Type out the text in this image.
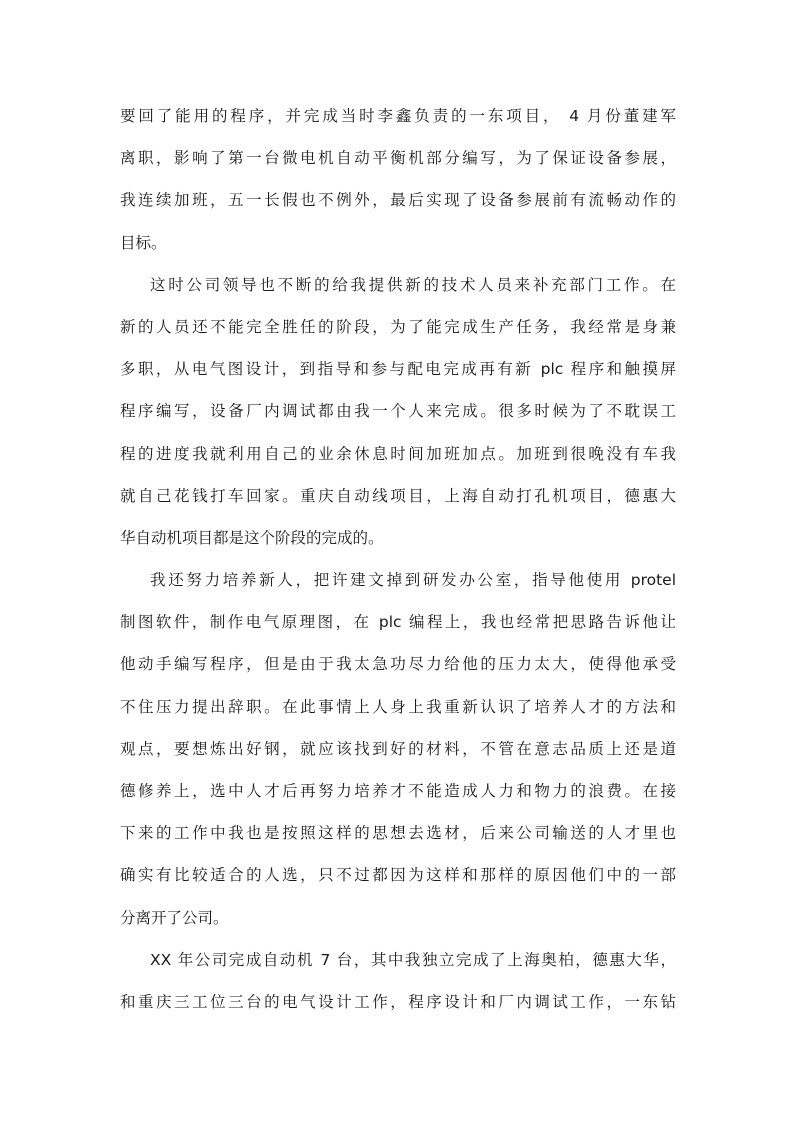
要回了能用的程序，并完成当时李鑫负责的一东项目， 4 月份董建军
离职，影响了第一台微电机自动平衡机部分编写，为了保证设备参展，
我连续加班，五一长假也不例外，最后实现了设备参展前有流畅动作的
目标。
这时公司领导也不断的给我提供新的技术人员来补充部门工作。在
新的人员还不能完全胜任的阶段，为了能完成生产任务，我经常是身兼
多职，从电气图设计，到指导和参与配电完成再有新 plc 程序和触摸屏
程序编写，设备厂内调试都由我一个人来完成。很多时候为了不耽误工
程的进度我就利用自己的业余休息时间加班加点。加班到很晚没有车我
就自己花钱打车回家。重庆自动线项目，上海自动打孔机项目，德惠大
华自动机项目都是这个阶段的完成的。
我还努力培养新人，把许建文掉到研发办公室，指导他使用 protel
制图软件，制作电气原理图，在 plc 编程上，我也经常把思路告诉他让
他动手编写程序，但是由于我太急功尽力给他的压力太大，使得他承受
不住压力提出辞职。在此事情上人身上我重新认识了培养人才的方法和
观点，要想炼出好钢，就应该找到好的材料，不管在意志品质上还是道
德修养上，选中人才后再努力培养才不能造成人力和物力的浪费。在接
下来的工作中我也是按照这样的思想去选材，后来公司输送的人才里也
确实有比较适合的人选，只不过都因为这样和那样的原因他们中的一部
分离开了公司。
XX 年公司完成自动机 7 台，其中我独立完成了上海奥柏，德惠大华，
和重庆三工位三台的电气设计工作，程序设计和厂内调试工作，一东钻
